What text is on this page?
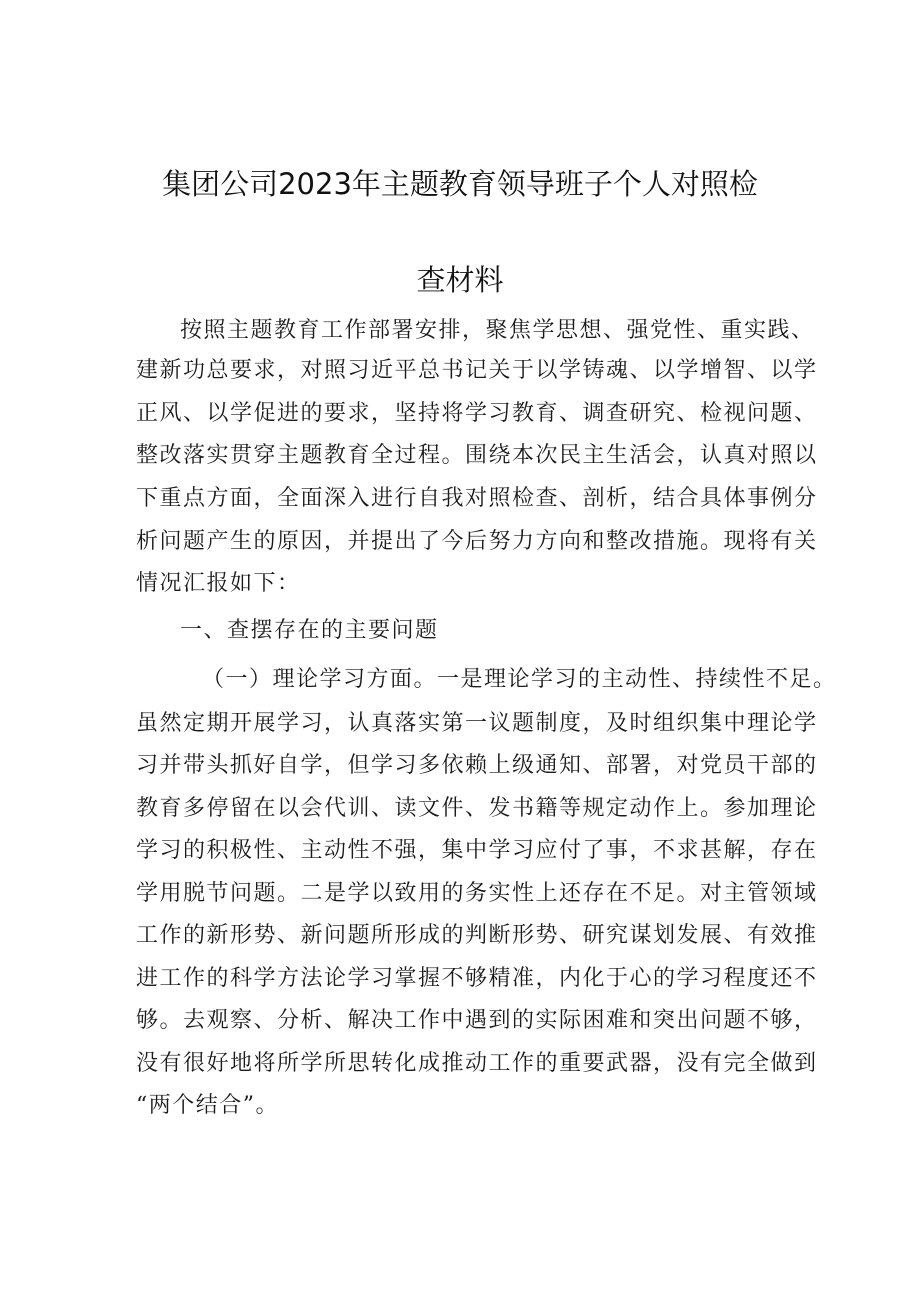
集团公司2023年主题教育领导班子个人对照检
查材料
按照主题教育工作部署安排，聚焦学思想、强党性、重实践、
建新功总要求，对照习近平总书记关于以学铸魂、以学增智、以学
正风、以学促进的要求，坚持将学习教育、调查研究、检视问题、
整改落实贯穿主题教育全过程。围绕本次民主生活会，认真对照以
下重点方面，全面深入进行自我对照检查、剖析，结合具体事例分
析问题产生的原因，并提出了今后努力方向和整改措施。现将有关
情况汇报如下：
一、查摆存在的主要问题
（一）理论学习方面。一是理论学习的主动性、持续性不足。
虽然定期开展学习，认真落实第一议题制度，及时组织集中理论学
习并带头抓好自学，但学习多依赖上级通知、部署，对党员干部的
教育多停留在以会代训、读文件、发书籍等规定动作上。参加理论
学习的积极性、主动性不强，集中学习应付了事，不求甚解，存在
学用脱节问题。二是学以致用的务实性上还存在不足。对主管领域
工作的新形势、新问题所形成的判断形势、研究谋划发展、有效推
进工作的科学方法论学习掌握不够精准，内化于心的学习程度还不
够。去观察、分析、解决工作中遇到的实际困难和突出问题不够，
没有很好地将所学所思转化成推动工作的重要武器，没有完全做到
“两个结合”。
